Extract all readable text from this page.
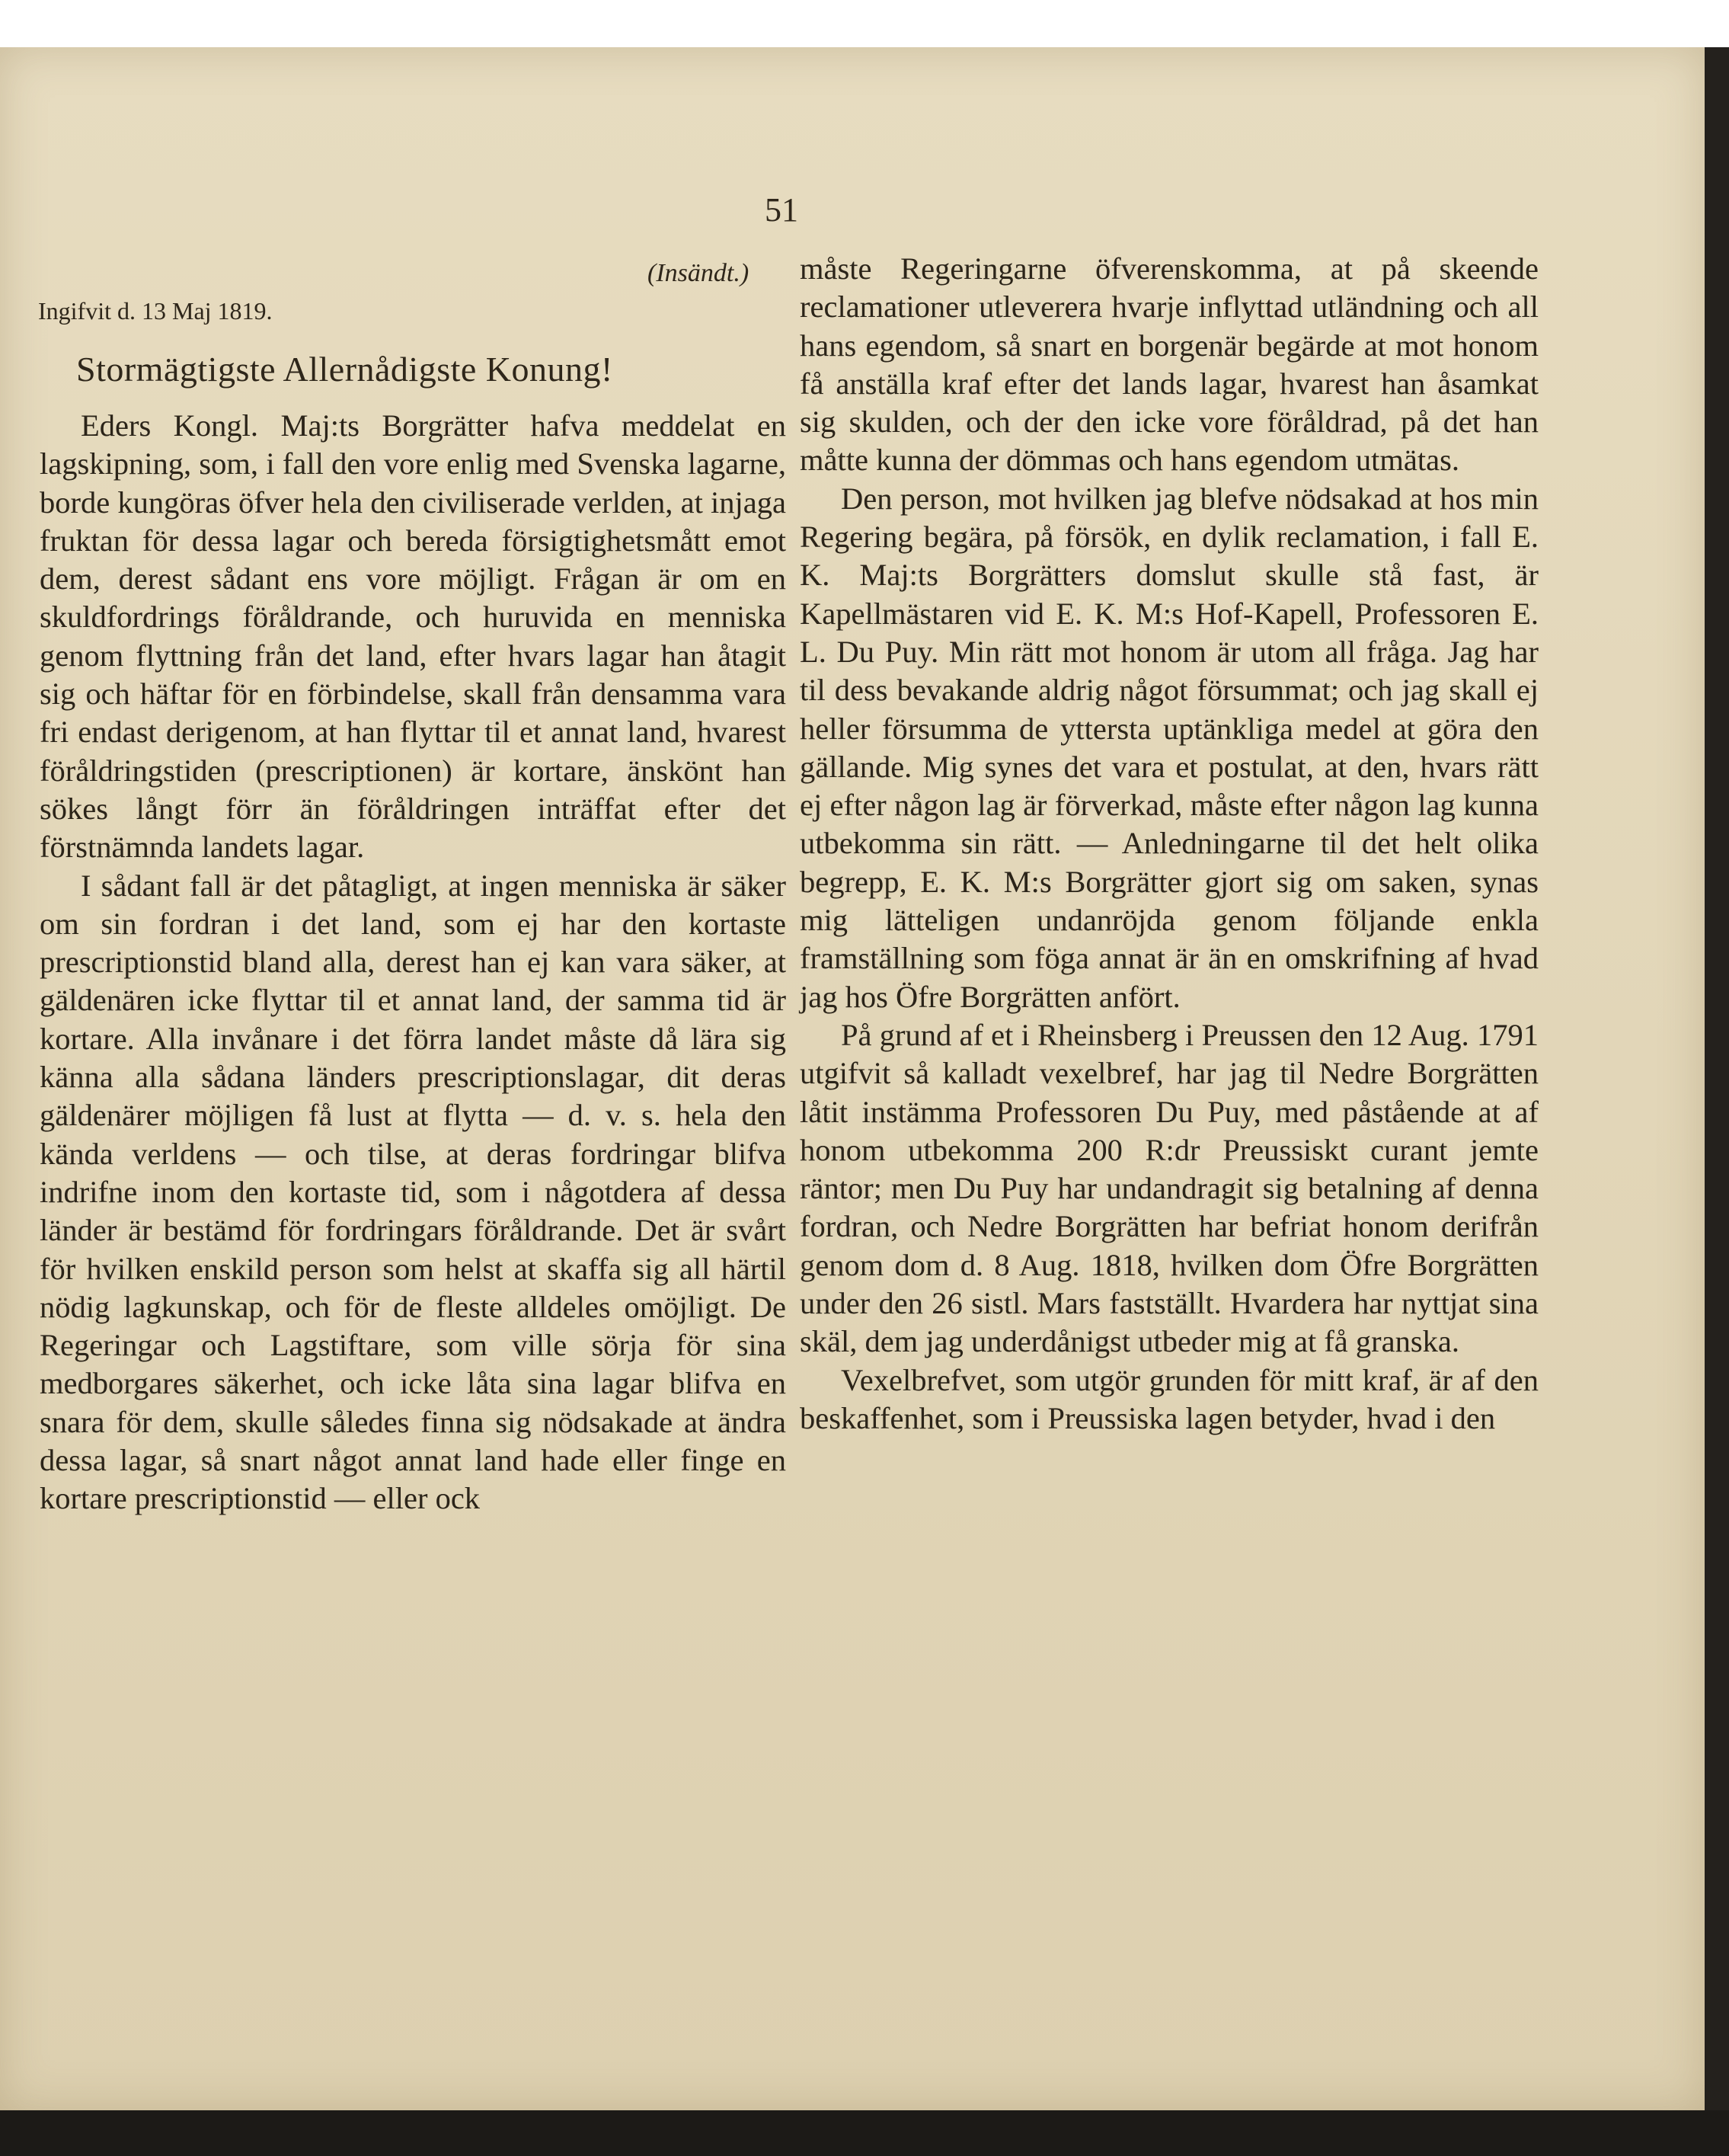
51
(Insändt.)
Ingifvit d. 13 Maj 1819.
Stormägtigste Allernådigste Konung!

Eders Kongl. Maj:ts Borgrätter hafva meddelat en lagskipning, som, i fall den vore enlig med Svenska lagarne, borde kungöras öfver hela den civiliserade verlden, at injaga fruktan för dessa lagar och bereda försigtighetsmått emot dem, derest sådant ens vore möjligt. Frågan är om en skuldfordrings föråldrande, och huruvida en menniska genom flyttning från det land, efter hvars lagar han åtagit sig och häftar för en förbindelse, skall från densamma vara fri endast derigenom, at han flyttar til et annat land, hvarest föråldringstiden (prescriptionen) är kortare, änskönt han sökes långt förr än föråldringen inträffat efter det förstnämnda landets lagar.

I sådant fall är det påtagligt, at ingen menniska är säker om sin fordran i det land, som ej har den kortaste prescriptionstid bland alla, derest han ej kan vara säker, at gäldenären icke flyttar til et annat land, der samma tid är kortare. Alla invånare i det förra landet måste då lära sig känna alla sådana länders prescriptionslagar, dit deras gäldenärer möjligen få lust at flytta — d. v. s. hela den kända verldens — och tilse, at deras fordringar blifva indrifne inom den kortaste tid, som i någotdera af dessa länder är bestämd för fordringars föråldrande. Det är svårt för hvilken enskild person som helst at skaffa sig all härtil nödig lagkunskap, och för de fleste alldeles omöjligt. De Regeringar och Lagstiftare, som ville sörja för sina medborgares säkerhet, och icke låta sina lagar blifva en snara för dem, skulle således finna sig nödsakade at ändra dessa lagar, så snart något annat land hade eller finge en kortare prescriptionstid — eller ock

måste Regeringarne öfverenskomma, at på skeende reclamationer utleverera hvarje inflyttad utländning och all hans egendom, så snart en borgenär begärde at mot honom få anställa kraf efter det lands lagar, hvarest han åsamkat sig skulden, och der den icke vore föråldrad, på det han måtte kunna der dömmas och hans egendom utmätas.

Den person, mot hvilken jag blefve nödsakad at hos min Regering begära, på försök, en dylik reclamation, i fall E. K. Maj:ts Borgrätters domslut skulle stå fast, är Kapellmästaren vid E. K. M:s Hof-Kapell, Professoren E. L. Du Puy. Min rätt mot honom är utom all fråga. Jag har til dess bevakande aldrig något försummat; och jag skall ej heller försumma de yttersta uptänkliga medel at göra den gällande. Mig synes det vara et postulat, at den, hvars rätt ej efter någon lag är förverkad, måste efter någon lag kunna utbekomma sin rätt. — Anledningarne til det helt olika begrepp, E. K. M:s Borgrätter gjort sig om saken, synas mig lätteligen undanröjda genom följande enkla framställning som föga annat är än en omskrifning af hvad jag hos Öfre Borgrätten anfört.

På grund af et i Rheinsberg i Preussen den 12 Aug. 1791 utgifvit så kalladt vexelbref, har jag til Nedre Borgrätten låtit instämma Professoren Du Puy, med påstående at af honom utbekomma 200 R:dr Preussiskt curant jemte räntor; men Du Puy har undandragit sig betalning af denna fordran, och Nedre Borgrätten har befriat honom derifrån genom dom d. 8 Aug. 1818, hvilken dom Öfre Borgrätten under den 26 sistl. Mars fastställt. Hvardera har nyttjat sina skäl, dem jag underdånigst utbeder mig at få granska.

Vexelbrefvet, som utgör grunden för mitt kraf, är af den beskaffenhet, som i Preussiska lagen betyder, hvad i den
